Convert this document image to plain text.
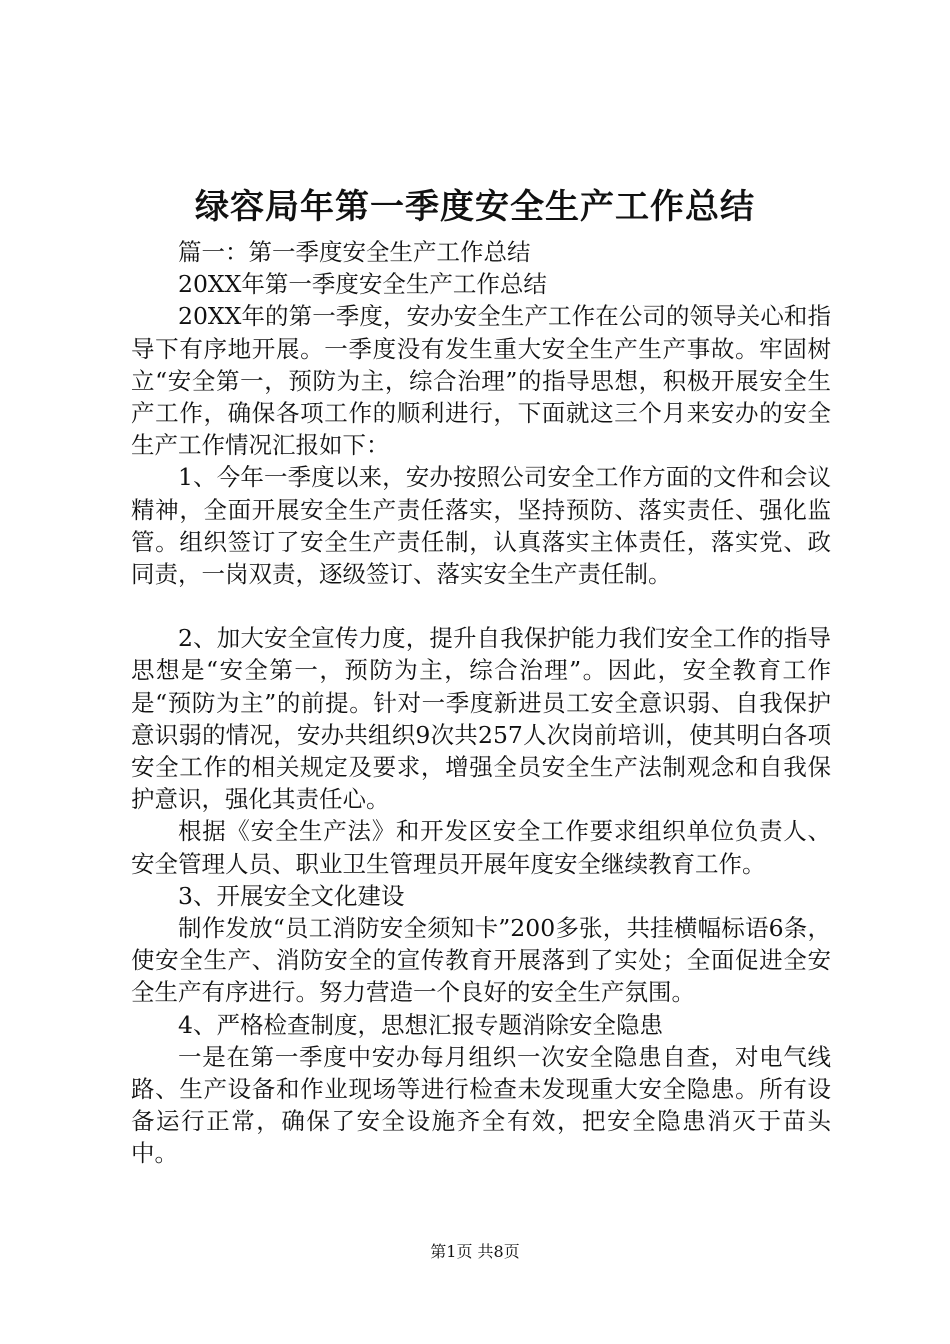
绿容局年第一季度安全生产工作总结

篇一：第一季度安全生产工作总结

20XX年第一季度安全生产工作总结

20XX年的第一季度，安办安全生产工作在公司的领导关心和指导下有序地开展。一季度没有发生重大安全生产生产事故。牢固树立“安全第一，预防为主，综合治理”的指导思想，积极开展安全生产工作，确保各项工作的顺利进行，下面就这三个月来安办的安全生产工作情况汇报如下：

1、今年一季度以来，安办按照公司安全工作方面的文件和会议精神，全面开展安全生产责任落实，坚持预防、落实责任、强化监管。组织签订了安全生产责任制，认真落实主体责任，落实党、政同责，一岗双责，逐级签订、落实安全生产责任制。

2、加大安全宣传力度，提升自我保护能力我们安全工作的指导思想是“安全第一，预防为主，综合治理”。因此，安全教育工作是“预防为主”的前提。针对一季度新进员工安全意识弱、自我保护意识弱的情况，安办共组织9次共257人次岗前培训，使其明白各项安全工作的相关规定及要求，增强全员安全生产法制观念和自我保护意识，强化其责任心。

根据《安全生产法》和开发区安全工作要求组织单位负责人、安全管理人员、职业卫生管理员开展年度安全继续教育工作。

3、开展安全文化建设

制作发放“员工消防安全须知卡”200多张，共挂横幅标语6条，使安全生产、消防安全的宣传教育开展落到了实处；全面促进全安全生产有序进行。努力营造一个良好的安全生产氛围。

4、严格检查制度，思想汇报专题消除安全隐患

一是在第一季度中安办每月组织一次安全隐患自查，对电气线路、生产设备和作业现场等进行检查未发现重大安全隐患。所有设备运行正常，确保了安全设施齐全有效，把安全隐患消灭于苗头中。

第1页 共8页
